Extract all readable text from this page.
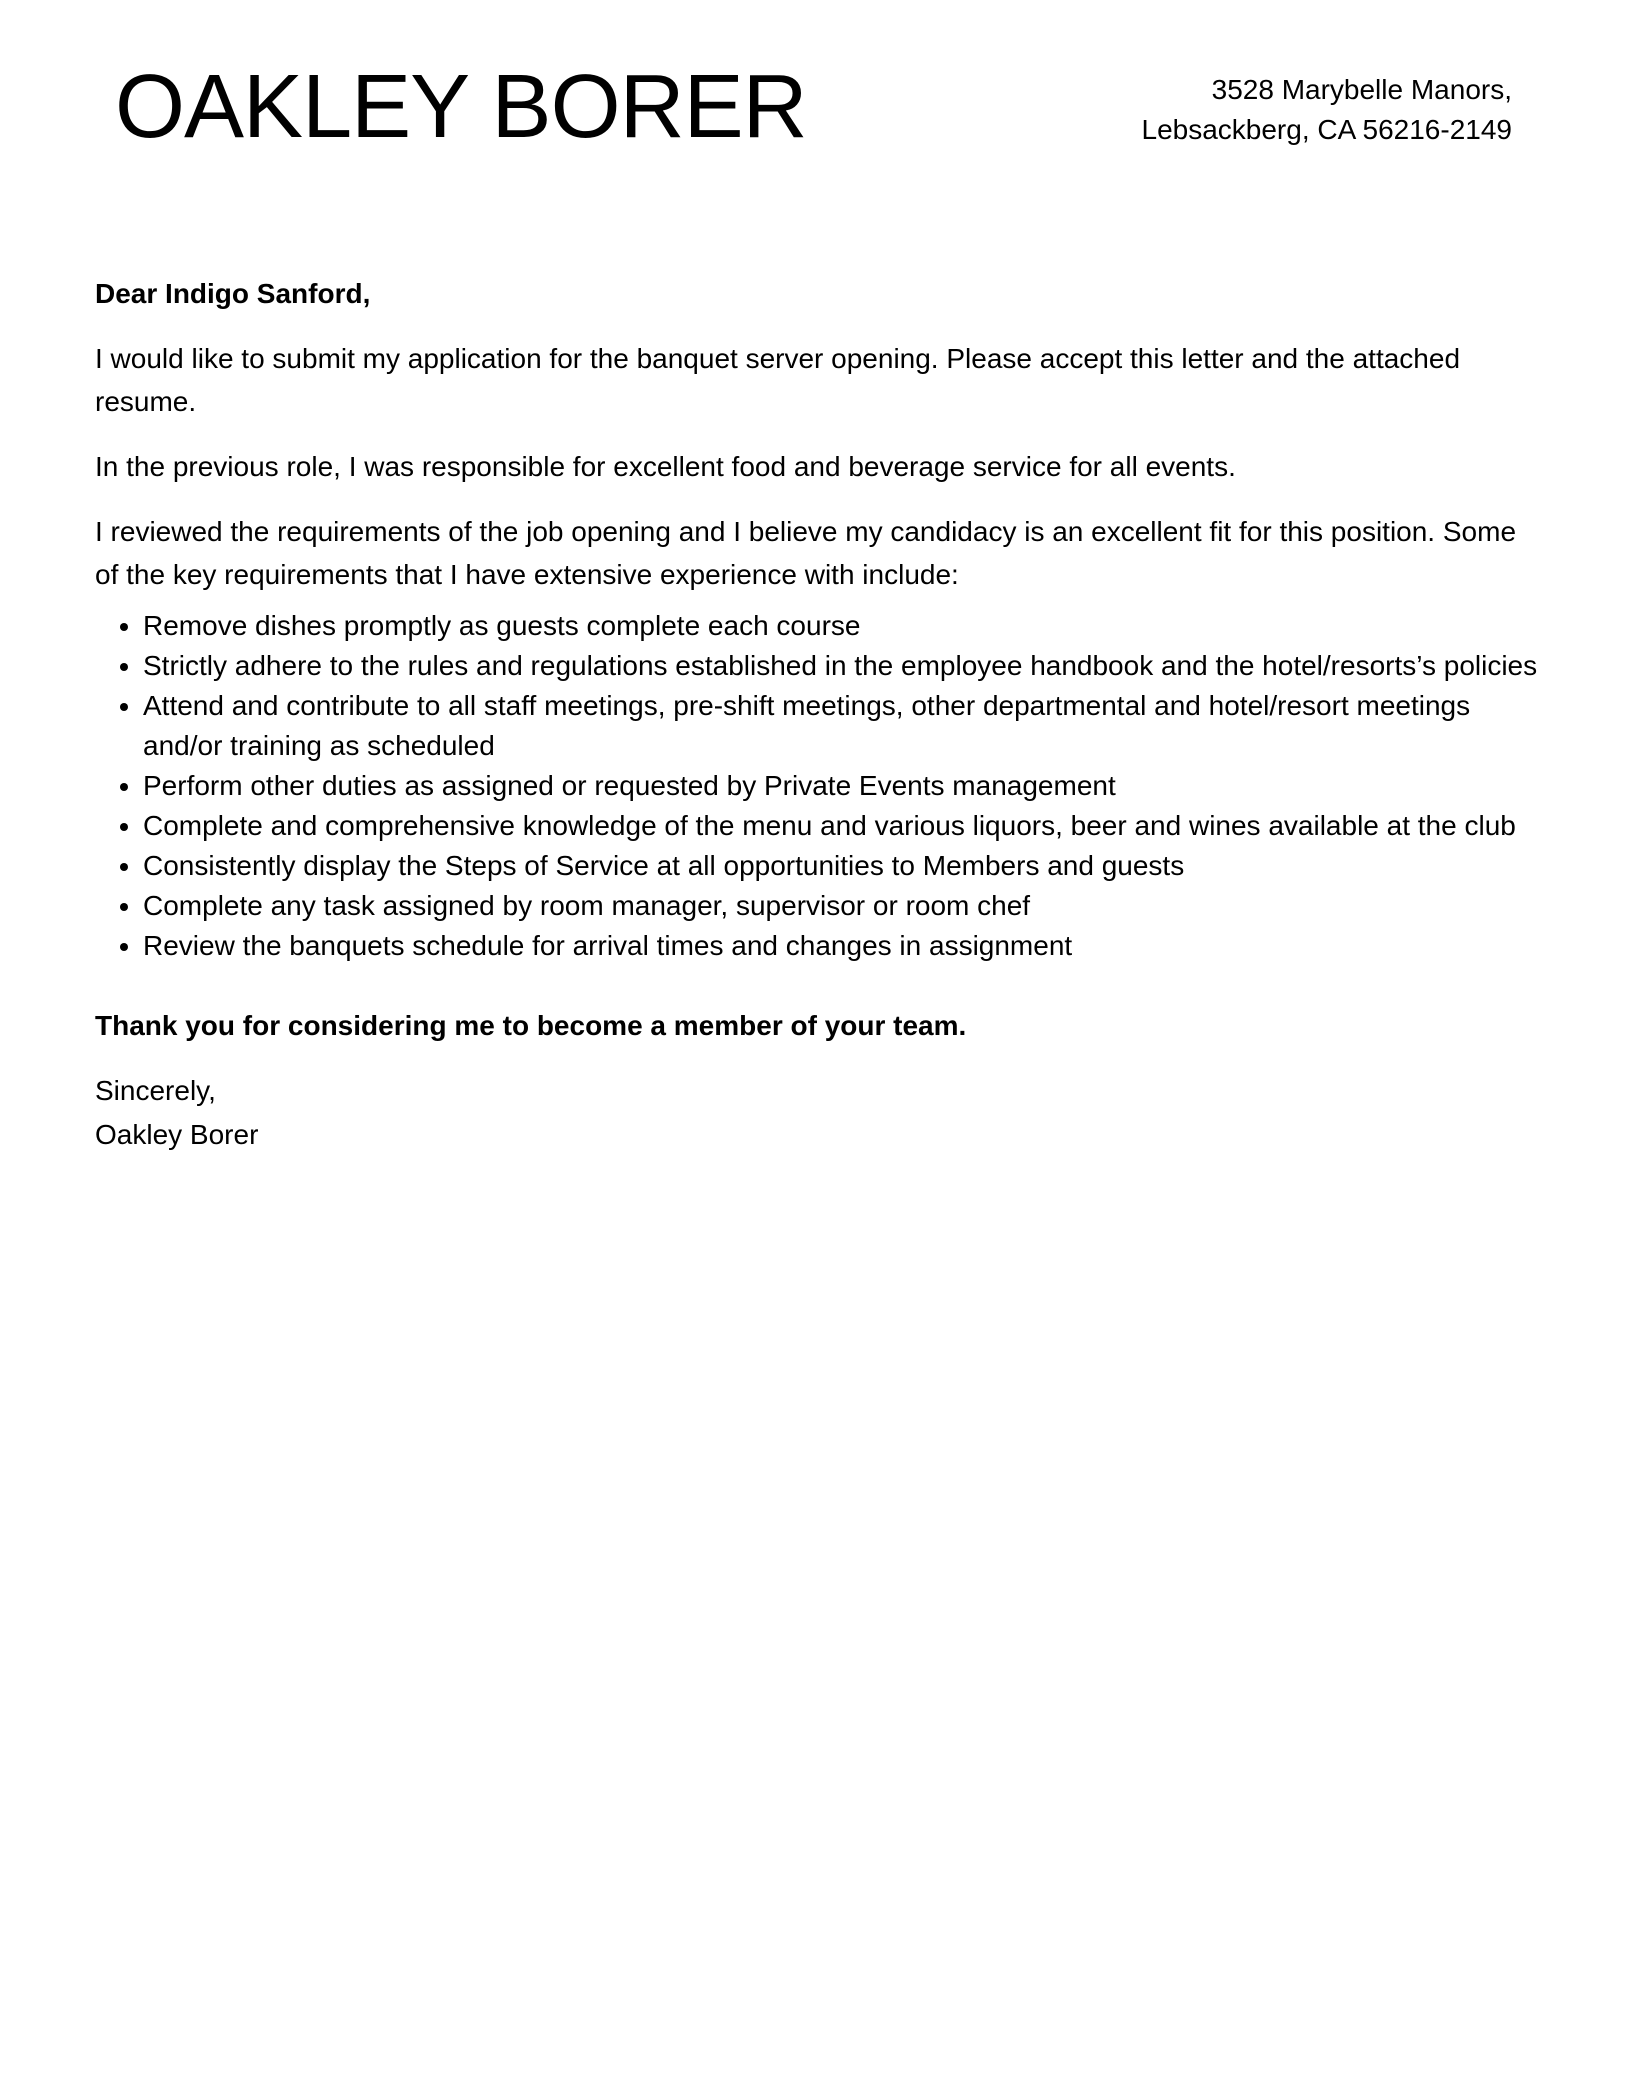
OAKLEY BORER	3528 Marybelle Manors,
Lebsackberg, CA 56216-2149

Dear Indigo Sanford,

I would like to submit my application for the banquet server opening. Please accept this letter and the attached resume.

In the previous role, I was responsible for excellent food and beverage service for all events.

I reviewed the requirements of the job opening and I believe my candidacy is an excellent fit for this position. Some of the key requirements that I have extensive experience with include:

• Remove dishes promptly as guests complete each course
• Strictly adhere to the rules and regulations established in the employee handbook and the hotel/resorts’s policies
• Attend and contribute to all staff meetings, pre-shift meetings, other departmental and hotel/resort meetings and/or training as scheduled
• Perform other duties as assigned or requested by Private Events management
• Complete and comprehensive knowledge of the menu and various liquors, beer and wines available at the club
• Consistently display the Steps of Service at all opportunities to Members and guests
• Complete any task assigned by room manager, supervisor or room chef
• Review the banquets schedule for arrival times and changes in assignment

Thank you for considering me to become a member of your team.

Sincerely,

Oakley Borer
